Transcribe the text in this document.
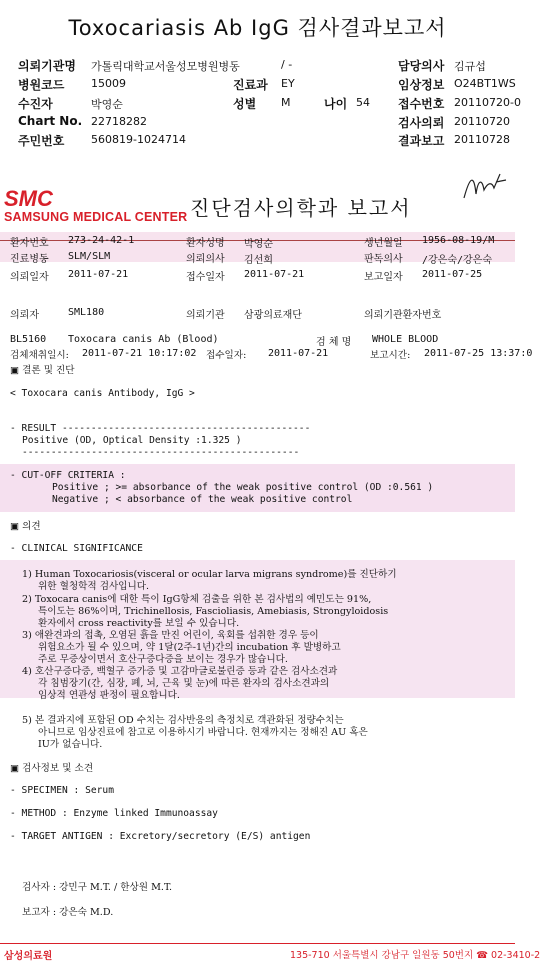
Toxocariasis Ab IgG 검사결과보고서
의뢰기관명 가톨릭대학교서울성모병원병동	/ -	담당의사 김규섭
병원코드 15009	진료과 EY	임상정보 O24BT1WS
수진자	박영순	성별 M	나이 54 접수번호 20110720-0
Chart No. 22718282	검사의뢰 20110720
주민번호 560819-1024714	결과보고 20110728
SMC
SAMSUNG MEDICAL CENTER 진단검사의학과 보고서
환자번호 273-24-42-1	환자성명 박영순	생년월일 1956-08-19/M
진료병동 SLM/SLM	의뢰의사 김선희	판독의사 /강은숙/강은숙
의뢰일자 2011-07-21	접수일자 2011-07-21	보고일자 2011-07-25
의뢰자	SML180	의뢰기관 삼광의료재단	의뢰기관환자번호
BL5160 Toxocara canis Ab (Blood)	검 체 명 WHOLE BLOOD
검체채취일시: 2011-07-21 10:17:02 접수일자: 2011-07-21	보고시간: 2011-07-25 13:37:0
▣ 결론 및 진단
< Toxocara canis Antibody, IgG >
- RESULT -------------------------------------------
Positive (OD, Optical Density :1.325 )
------------------------------------------------
- CUT-OFF CRITERIA :
Positive ; >= absorbance of the weak positive control (OD :0.561 )
Negative ; < absorbance of the weak positive control
▣ 의견
- CLINICAL SIGNIFICANCE
1) Human Toxocariosis(visceral or ocular larva migrans syndrome)를 진단하기
위한 혈청학적 검사입니다.
2) Toxocara canis에 대한 특이 IgG항체 검출을 위한 본 검사법의 예민도는 91%,
특이도는 86%이며, Trichinellosis, Fascioliasis, Amebiasis, Strongyloidosis
환자에서 cross reactivity를 보일 수 있습니다.
3) 애완견과의 접촉, 오염된 흙을 만진 어린이, 육회를 섭취한 경우 등이
위험요소가 될 수 있으며, 약 1달(2주-1년)간의 incubation 후 발병하고
주로 무증상이면서 호산구증다증을 보이는 경우가 많습니다.
4) 호산구증다증, 백혈구 증가증 및 고감마글로불린증 등과 같은 검사소견과
각 침범장기(간, 심장, 폐, 뇌, 근육 및 눈)에 따른 환자의 검사소견과의
임상적 연관성 판정이 필요합니다.
5) 본 결과지에 포함된 OD 수치는 검사반응의 측정치로 객관화된 정량수치는
아니므로 임상진료에 참고로 이용하시기 바랍니다. 현재까지는 정해진 AU 혹은
IU가 없습니다.
▣ 검사정보 및 소견
- SPECIMEN : Serum
- METHOD : Enzyme linked Immunoassay
- TARGET ANTIGEN : Excretory/secretory (E/S) antigen
검사자 : 강민구 M.T. / 한상원 M.T.
보고자 : 강은숙 M.D.
삼성의료원	135-710 서울특별시 강남구 일원동 50번지 ☎ 02-3410-2
